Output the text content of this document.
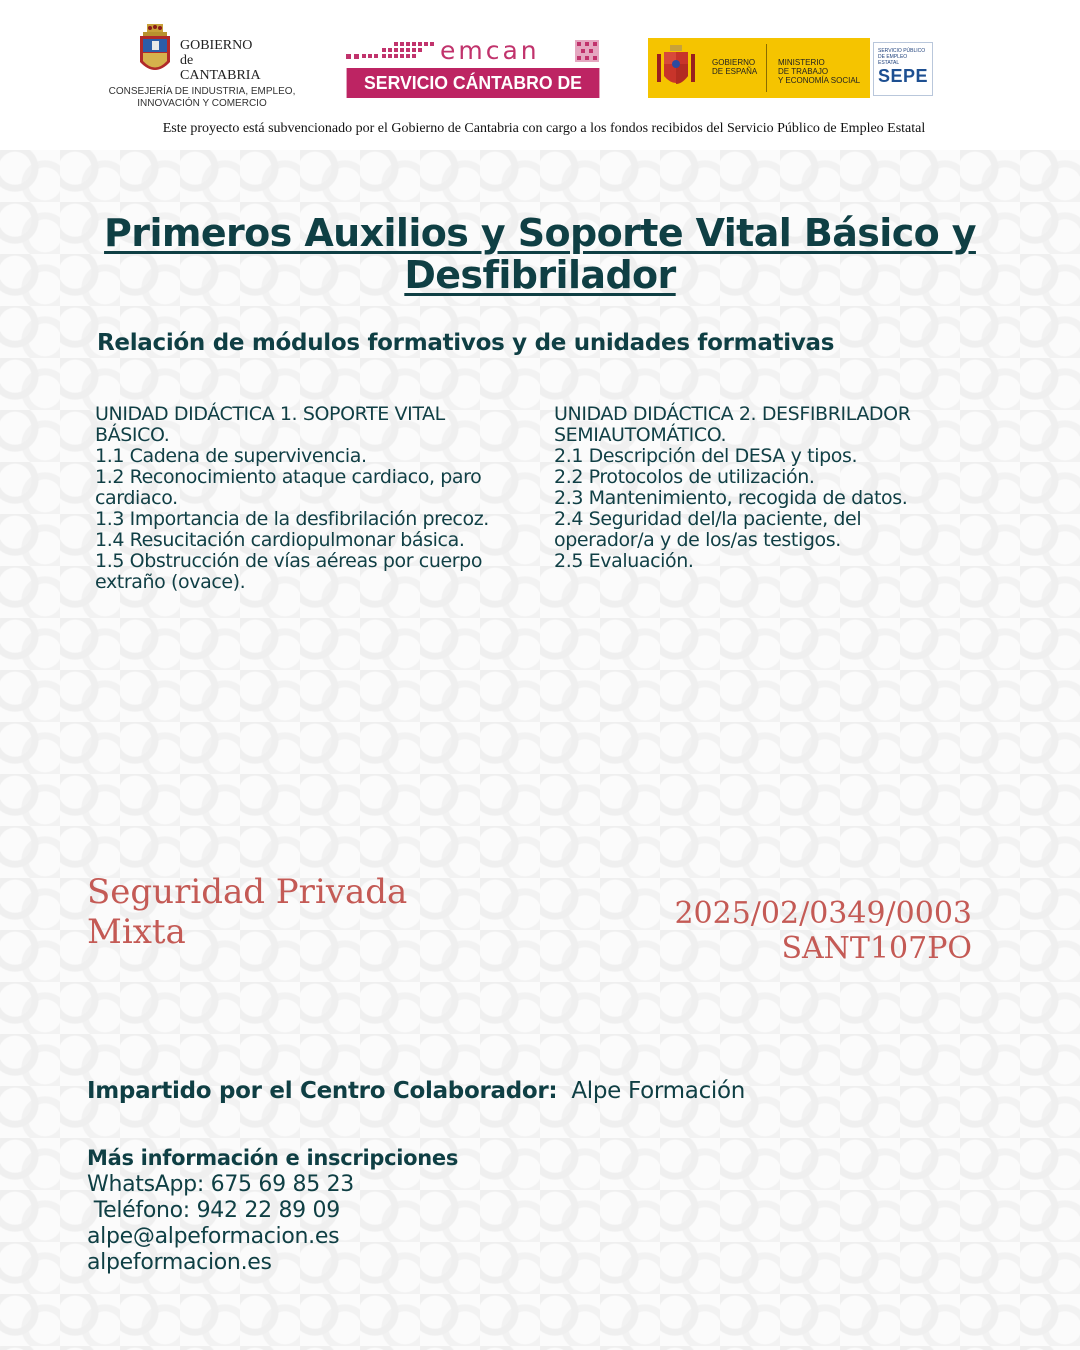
GOBIERNO
de
CANTABRIA
CONSEJERÍA DE INDUSTRIA, EMPLEO,
INNOVACIÓN Y COMERCIO
emcan
SERVICIO CÁNTABRO DE EMPLEO
GOBIERNO
DE ESPAÑA
MINISTERIO
DE TRABAJO
Y ECONOMÍA SOCIAL
SERVICIO PÚBLICO
DE EMPLEO ESTATAL
SEPE
Este proyecto está subvencionado por el Gobierno de Cantabria con cargo a los fondos recibidos del Servicio Público de Empleo Estatal
Primeros Auxilios y Soporte Vital Básico y Desfibrilador
Relación de módulos formativos y de unidades formativas
UNIDAD DIDÁCTICA 1. SOPORTE VITAL
BÁSICO.
1.1 Cadena de supervivencia.
1.2 Reconocimiento ataque cardiaco, paro
cardiaco.
1.3 Importancia de la desfibrilación precoz.
1.4 Resucitación cardiopulmonar básica.
1.5 Obstrucción de vías aéreas por cuerpo
extraño (ovace).
UNIDAD DIDÁCTICA 2. DESFIBRILADOR
SEMIAUTOMÁTICO.
2.1 Descripción del DESA y tipos.
2.2 Protocolos de utilización.
2.3 Mantenimiento, recogida de datos.
2.4 Seguridad del/la paciente, del
operador/a y de los/as testigos.
2.5 Evaluación.
Seguridad Privada
Mixta	2025/02/0349/0003
SANT107PO
Impartido por el Centro Colaborador: Alpe Formación
Más información e inscripciones
WhatsApp: 675 69 85 23
Teléfono: 942 22 89 09
alpe@alpeformacion.es
alpeformacion.es
